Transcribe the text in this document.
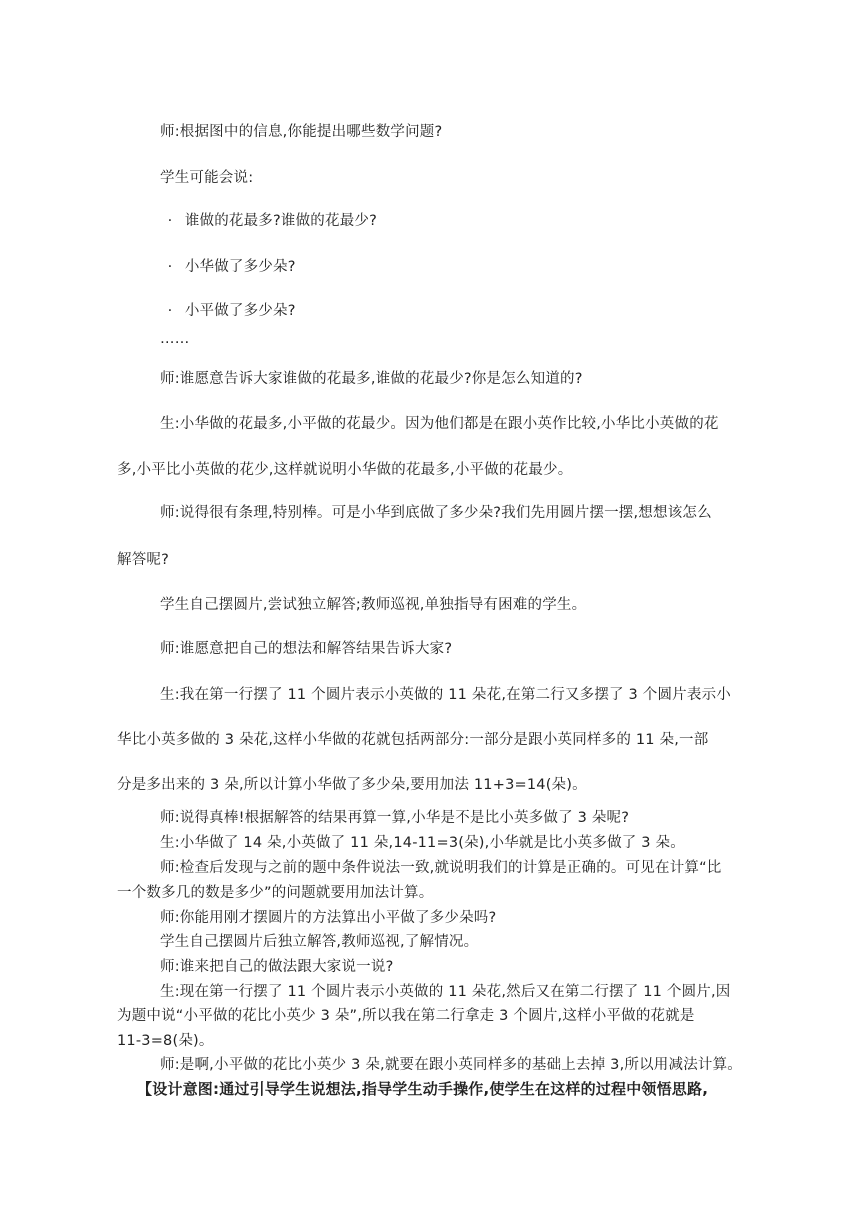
师:根据图中的信息,你能提出哪些数学问题?

学生可能会说:

· 谁做的花最多?谁做的花最少?

· 小华做了多少朵?

· 小平做了多少朵?

……

师:谁愿意告诉大家谁做的花最多,谁做的花最少?你是怎么知道的?

生:小华做的花最多,小平做的花最少。因为他们都是在跟小英作比较,小华比小英做的花

多,小平比小英做的花少,这样就说明小华做的花最多,小平做的花最少。

师:说得很有条理,特别棒。可是小华到底做了多少朵?我们先用圆片摆一摆,想想该怎么

解答呢?

学生自己摆圆片,尝试独立解答;教师巡视,单独指导有困难的学生。

师:谁愿意把自己的想法和解答结果告诉大家?

生:我在第一行摆了 11 个圆片表示小英做的 11 朵花,在第二行又多摆了 3 个圆片表示小

华比小英多做的 3 朵花,这样小华做的花就包括两部分:一部分是跟小英同样多的 11 朵,一部

分是多出来的 3 朵,所以计算小华做了多少朵,要用加法 11+3=14(朵)。

师:说得真棒!根据解答的结果再算一算,小华是不是比小英多做了 3 朵呢?

生:小华做了 14 朵,小英做了 11 朵,14-11=3(朵),小华就是比小英多做了 3 朵。

师:检查后发现与之前的题中条件说法一致,就说明我们的计算是正确的。可见在计算“比

一个数多几的数是多少”的问题就要用加法计算。

师:你能用刚才摆圆片的方法算出小平做了多少朵吗?

学生自己摆圆片后独立解答,教师巡视,了解情况。

师:谁来把自己的做法跟大家说一说?

生:现在第一行摆了 11 个圆片表示小英做的 11 朵花,然后又在第二行摆了 11 个圆片,因

为题中说“小平做的花比小英少 3 朵”,所以我在第二行拿走 3 个圆片,这样小平做的花就是

11-3=8(朵)。

师:是啊,小平做的花比小英少 3 朵,就要在跟小英同样多的基础上去掉 3,所以用减法计算。

【设计意图:通过引导学生说想法,指导学生动手操作,使学生在这样的过程中领悟思路,
